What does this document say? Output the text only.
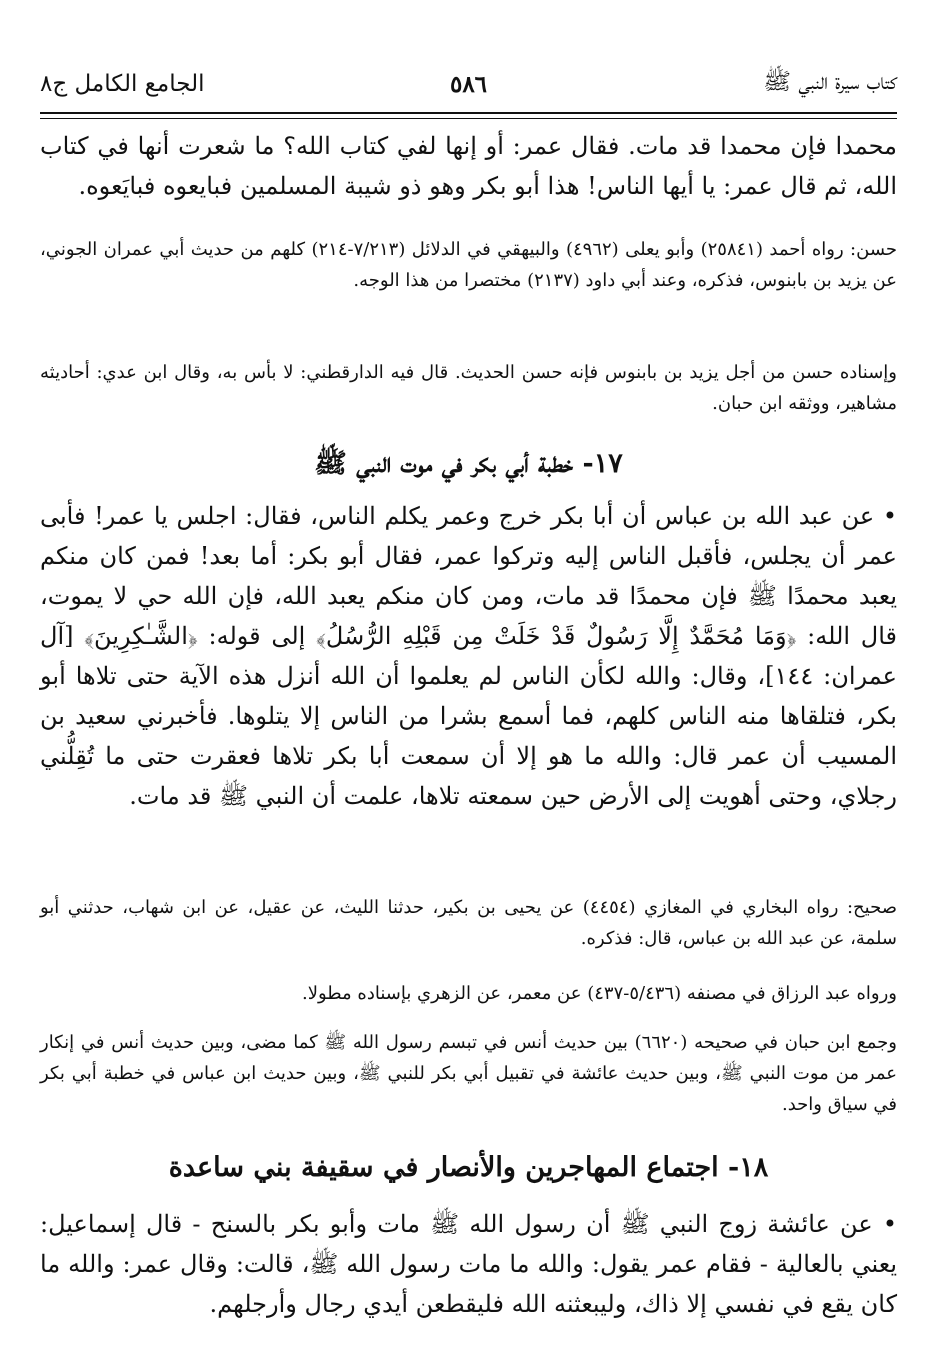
كتاب سيرة النبي ﷺ
٥٨٦
الجامع الكامل ج٨

محمدا فإن محمدا قد مات. فقال عمر: أو إنها لفي كتاب الله؟ ما شعرت أنها في كتاب الله، ثم قال عمر: يا أيها الناس! هذا أبو بكر وهو ذو شيبة المسلمين فبايعوه فبايَعوه.

حسن: رواه أحمد (٢٥٨٤١) وأبو يعلى (٤٩٦٢) والبيهقي في الدلائل (٧/٢١٣-٢١٤) كلهم من حديث أبي عمران الجوني، عن يزيد بن بابنوس، فذكره، وعند أبي داود (٢١٣٧) مختصرا من هذا الوجه.

وإسناده حسن من أجل يزيد بن بابنوس فإنه حسن الحديث. قال فيه الدارقطني: لا بأس به، وقال ابن عدي: أحاديثه مشاهير، ووثقه ابن حبان.

١٧- خطبة أبي بكر في موت النبي ﷺ

• عن عبد الله بن عباس أن أبا بكر خرج وعمر يكلم الناس، فقال: اجلس يا عمر! فأبى عمر أن يجلس، فأقبل الناس إليه وتركوا عمر، فقال أبو بكر: أما بعد! فمن كان منكم يعبد محمدًا ﷺ فإن محمدًا قد مات، ومن كان منكم يعبد الله، فإن الله حي لا يموت، قال الله: ﴿وَمَا مُحَمَّدٌ إِلَّا رَسُولٌ قَدْ خَلَتْ مِن قَبْلِهِ الرُّسُلُ﴾ إلى قوله: ﴿الشَّـٰكِرِينَ﴾ [آل عمران: ١٤٤]، وقال: والله لكأن الناس لم يعلموا أن الله أنزل هذه الآية حتى تلاها أبو بكر، فتلقاها منه الناس كلهم، فما أسمع بشرا من الناس إلا يتلوها. فأخبرني سعيد بن المسيب أن عمر قال: والله ما هو إلا أن سمعت أبا بكر تلاها فعقرت حتى ما تُقِلُّني رجلاي، وحتى أهويت إلى الأرض حين سمعته تلاها، علمت أن النبي ﷺ قد مات.

صحيح: رواه البخاري في المغازي (٤٤٥٤) عن يحيى بن بكير، حدثنا الليث، عن عقيل، عن ابن شهاب، حدثني أبو سلمة، عن عبد الله بن عباس، قال: فذكره.

ورواه عبد الرزاق في مصنفه (٥/٤٣٦-٤٣٧) عن معمر، عن الزهري بإسناده مطولا.

وجمع ابن حبان في صحيحه (٦٦٢٠) بين حديث أنس في تبسم رسول الله ﷺ كما مضى، وبين حديث أنس في إنكار عمر من موت النبي ﷺ، وبين حديث عائشة في تقبيل أبي بكر للنبي ﷺ، وبين حديث ابن عباس في خطبة أبي بكر في سياق واحد.

١٨- اجتماع المهاجرين والأنصار في سقيفة بني ساعدة

• عن عائشة زوج النبي ﷺ أن رسول الله ﷺ مات وأبو بكر بالسنح - قال إسماعيل: يعني بالعالية - فقام عمر يقول: والله ما مات رسول الله ﷺ، قالت: وقال عمر: والله ما كان يقع في نفسي إلا ذاك، وليبعثنه الله فليقطعن أيدي رجال وأرجلهم.
